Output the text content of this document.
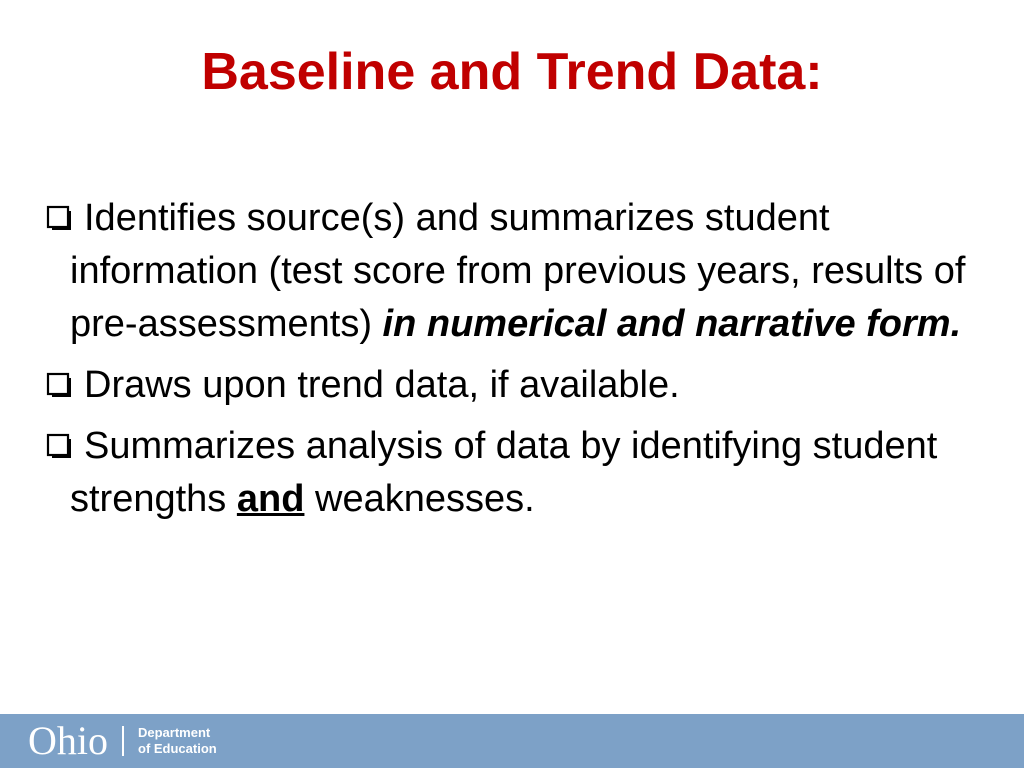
Baseline and Trend Data:
Identifies source(s) and summarizes student information (test score from previous years, results of pre-assessments) in numerical and narrative form.
Draws upon trend data, if available.
Summarizes analysis of data by identifying student strengths and weaknesses.
Ohio Department
of Education
